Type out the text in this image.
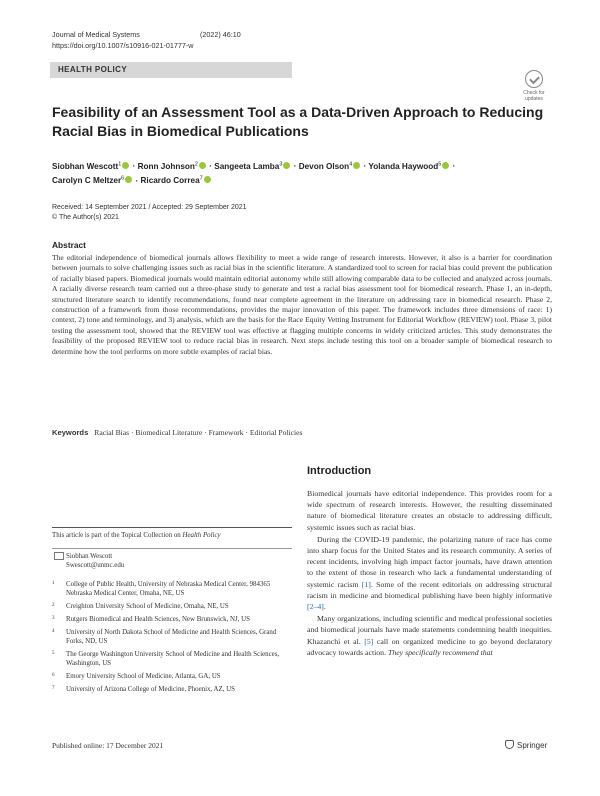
Journal of Medical Systems	(2022) 46:10
https://doi.org/10.1007/s10916-021-01777-w
HEALTH POLICY
Check for updates
Feasibility of an Assessment Tool as a Data-Driven Approach to Reducing Racial Bias in Biomedical Publications
Siobhan Wescott$^1$ · Ronn Johnson$^2$ · Sangeeta Lamba$^3$ · Devon Olson$^4$ · Yolanda Haywood$^5$ ·
Carolyn C Meltzer$^6$ · Ricardo Correa$^7$
Received: 14 September 2021 / Accepted: 29 September 2021
© The Author(s) 2021
Abstract
The editorial independence of biomedical journals allows flexibility to meet a wide range of research interests. However, it also is a barrier for coordination between journals to solve challenging issues such as racial bias in the scientific literature. A standardized tool to screen for racial bias could prevent the publication of racially biased papers. Biomedical journals would maintain editorial autonomy while still allowing comparable data to be collected and analyzed across journals. A racially diverse research team carried out a three-phase study to generate and test a racial bias assessment tool for biomedical research. Phase 1, an in-depth, structured literature search to identify recommendations, found near complete agreement in the literature on addressing race in biomedical research. Phase 2, construction of a framework from those recommendations, provides the major innovation of this paper. The framework includes three dimensions of race: 1) context, 2) tone and terminology, and 3) analysis, which are the basis for the Race Equity Vetting Instrument for Editorial Workflow (REVIEW) tool. Phase 3, pilot testing the assessment tool, showed that the REVIEW tool was effective at flagging multiple concerns in widely criticized articles. This study demonstrates the feasibility of the proposed REVIEW tool to reduce racial bias in research. Next steps include testing this tool on a broader sample of biomedical research to determine how the tool performs on more subtle examples of racial bias.
Keywords Racial Bias · Biomedical Literature · Framework · Editorial Policies
Introduction

Biomedical journals have editorial independence. This provides room for a wide spectrum of research interests. However, the resulting disseminated nature of biomedical literature creates an obstacle to addressing difficult, systemic issues such as racial bias.

During the COVID-19 pandemic, the polarizing nature of race has come into sharp focus for the United States and its research community. A series of recent incidents, involving high impact factor journals, have drawn attention to the extent of those in research who lack a fundamental understanding of systemic racism [1]. Some of the recent editorials on addressing structural racism in medicine and biomedical publishing have been highly informative [2–4].

Many organizations, including scientific and medical professional societies and biomedical journals have made statements condemning health inequities. Khazanchi et al. [5] call on organized medicine to go beyond declaratory advocacy towards action. They specifically recommend that

This article is part of the Topical Collection on Health Policy
Siobhan Wescott
Swescott@unmc.edu
1 College of Public Health, University of Nebraska Medical Center, 984365 Nebraska Medical Center, Omaha, NE, US
2 Creighton University School of Medicine, Omaha, NE, US
3 Rutgers Biomedical and Health Sciences, New Brunswick, NJ, US
4 University of North Dakota School of Medicine and Health Sciences, Grand Forks, ND, US
5 The George Washington University School of Medicine and Health Sciences, Washington, US
6 Emory University School of Medicine, Atlanta, GA, US
7 University of Arizona College of Medicine, Phoenix, AZ, US
Published online: 17 December 2021	Springer
